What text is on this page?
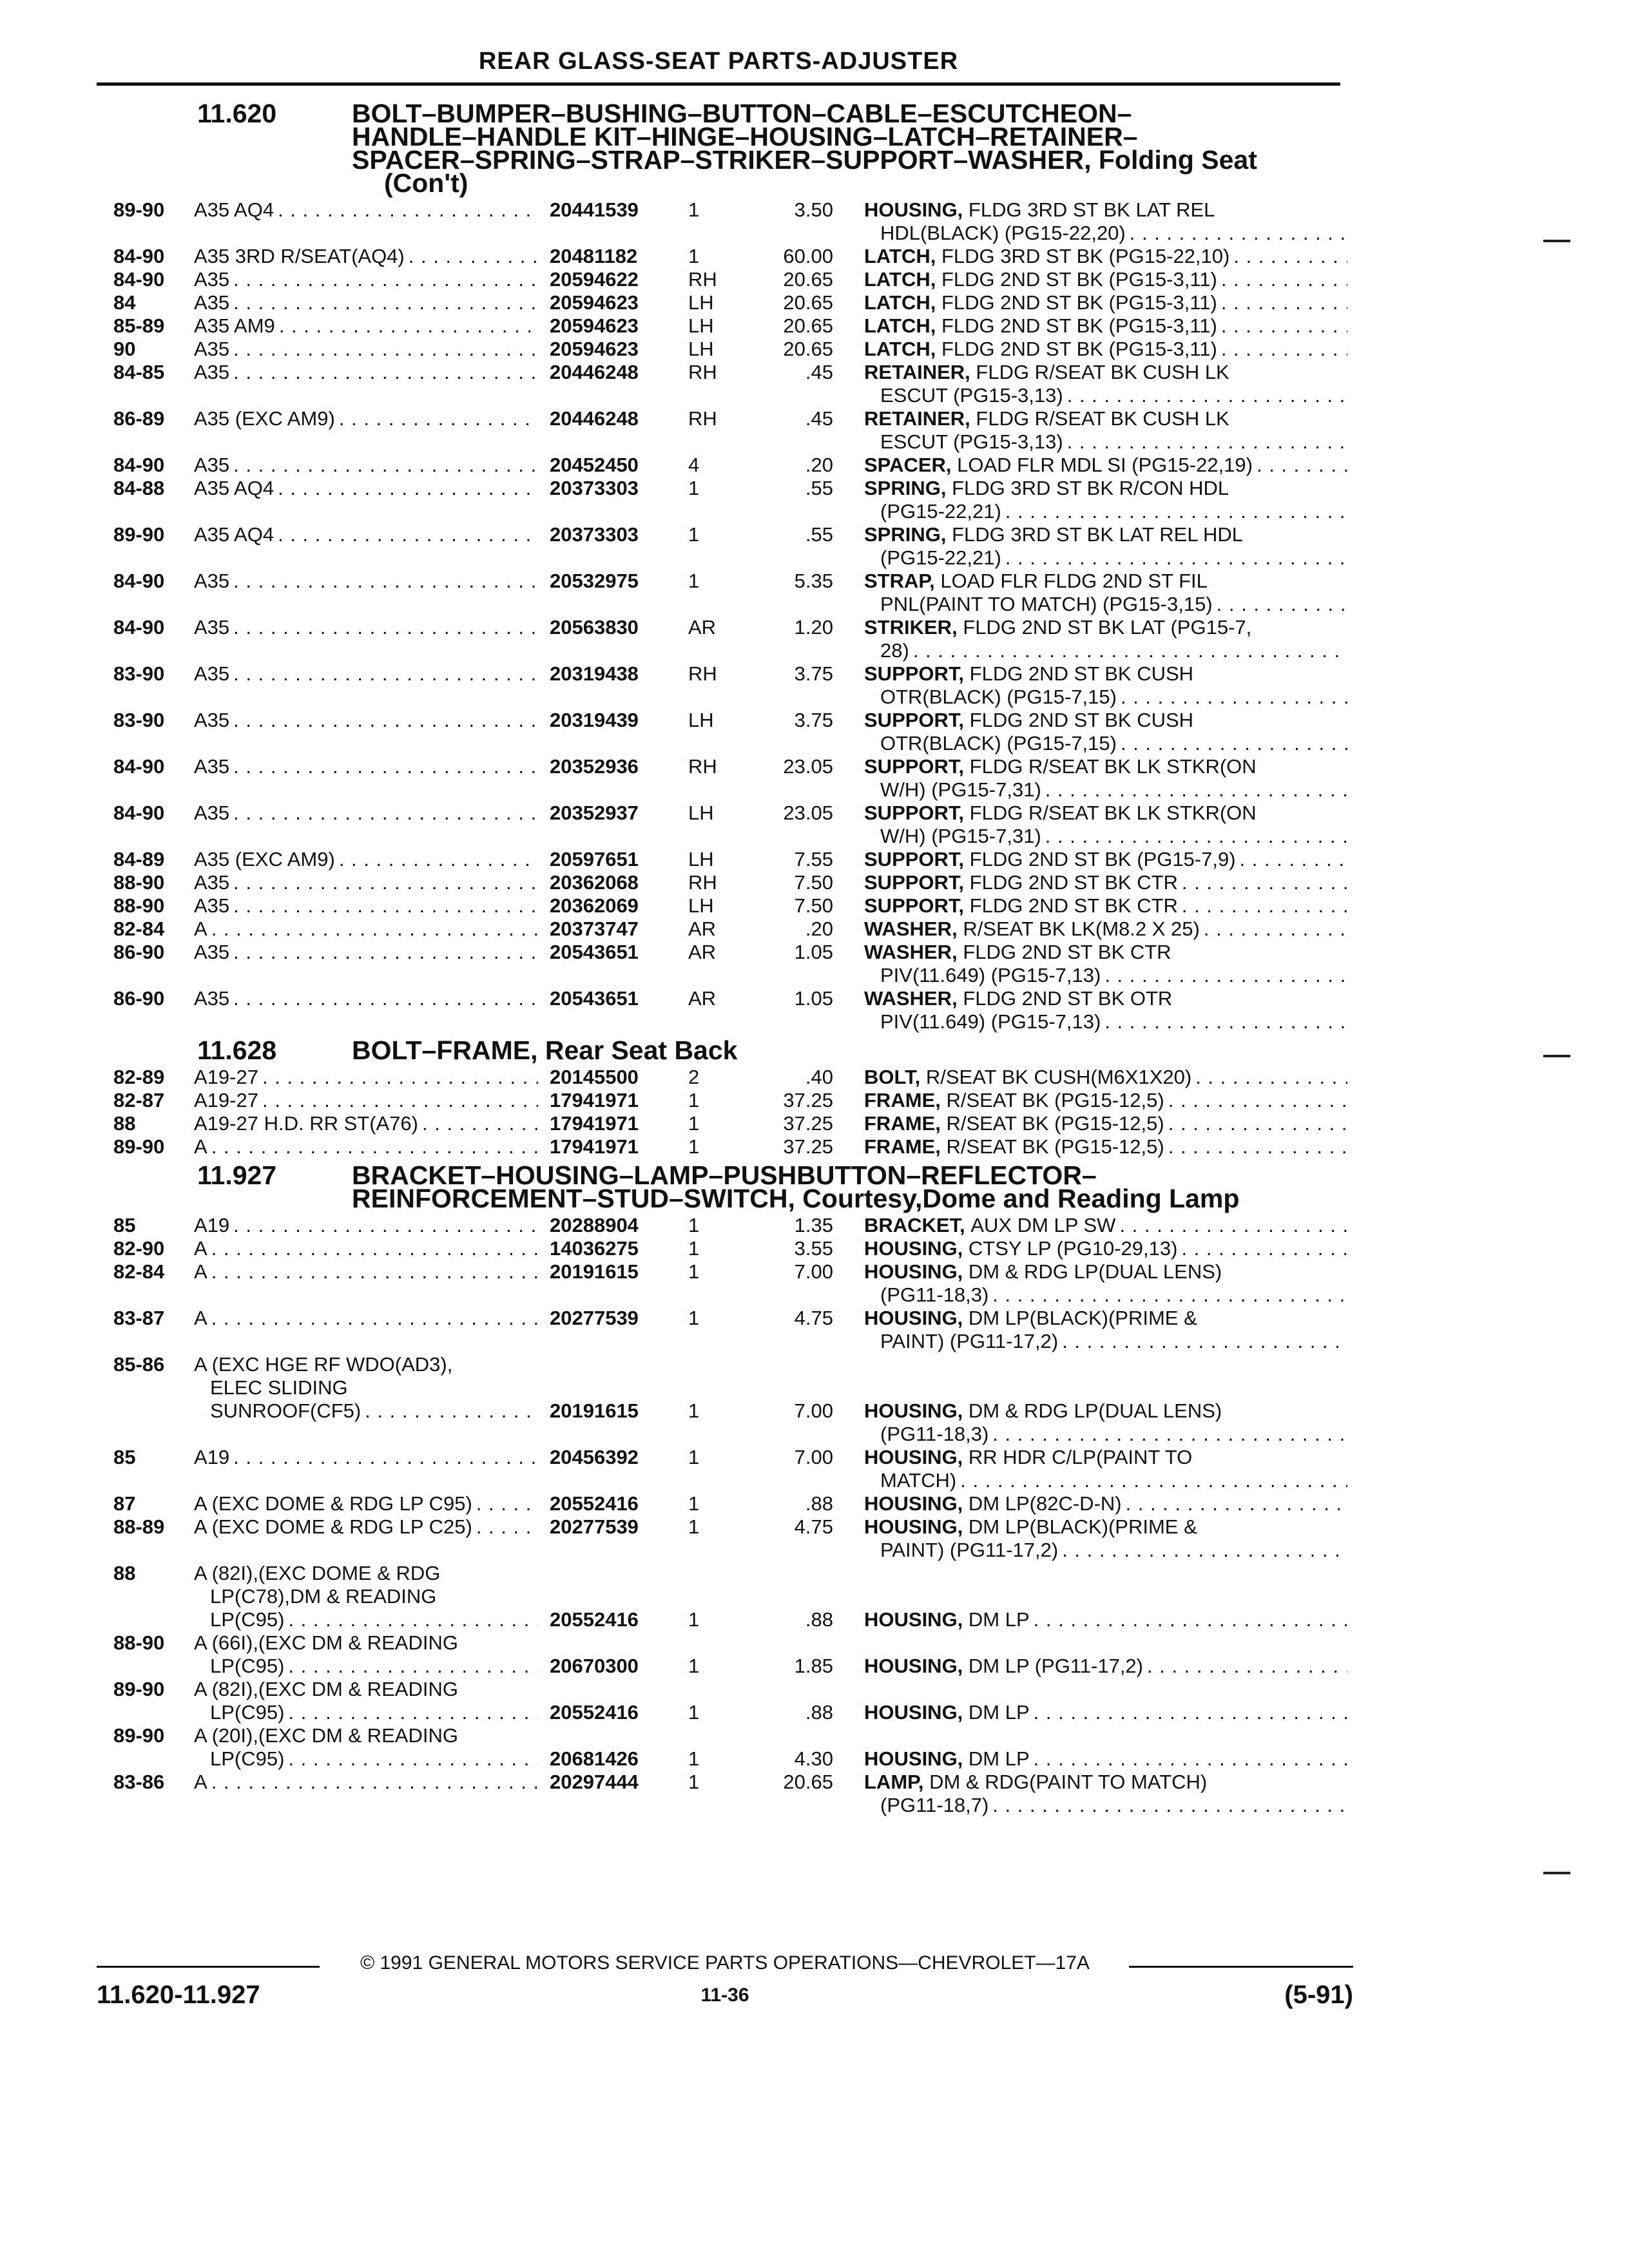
REAR GLASS-SEAT PARTS-ADJUSTER
11.620	BOLT–BUMPER–BUSHING–BUTTON–CABLE–ESCUTCHEON–
HANDLE–HANDLE KIT–HINGE–HOUSING–LATCH–RETAINER–
SPACER–SPRING–STRAP–STRIKER–SUPPORT–WASHER, Folding Seat
(Con't)
89-90	A35 AQ4 . . .	20441539	1	3.50	HOUSING,
FLDG 3RD ST BK LAT REL
HDL(BLACK) (PG15-22,20)
. . .
84-90	A35 3RD R/SEAT(AQ4) . . .	20481182	1	60.00	LATCH,
FLDG 3RD ST BK (PG15-22,10)
. . .
84-90	A35 . . .	20594622	RH	20.65	LATCH,
FLDG 2ND ST BK (PG15-3,11)
. . .
84	A35 . . .	20594623	LH	20.65	LATCH,
FLDG 2ND ST BK (PG15-3,11)
. . .
85-89	A35 AM9 . . .	20594623	LH	20.65	LATCH,
FLDG 2ND ST BK (PG15-3,11)
. . .
90	A35 . . .	20594623	LH	20.65	LATCH,
FLDG 2ND ST BK (PG15-3,11)
. . .
84-85	A35 . . .	20446248	RH	.45	RETAINER,
FLDG R/SEAT BK CUSH LK
ESCUT (PG15-3,13)
. . .
86-89	A35 (EXC AM9) . . .	20446248	RH	.45	RETAINER,
FLDG R/SEAT BK CUSH LK
ESCUT (PG15-3,13)
. . .
84-90	A35 . . .	20452450	4	.20	SPACER,
LOAD FLR MDL SI (PG15-22,19)
. . .
84-88	A35 AQ4 . . .	20373303	1	.55	SPRING,
FLDG 3RD ST BK R/CON HDL
(PG15-22,21)
. . .
89-90	A35 AQ4 . . .	20373303	1	.55	SPRING,
FLDG 3RD ST BK LAT REL HDL
(PG15-22,21)
. . .
84-90	A35 . . .	20532975	1	5.35	STRAP,
LOAD FLR FLDG 2ND ST FIL
PNL(PAINT TO MATCH) (PG15-3,15)
. . .
84-90	A35 . . .	20563830	AR	1.20	STRIKER,
FLDG 2ND ST BK LAT (PG15-7,
28)
. . .
83-90	A35 . . .	20319438	RH	3.75	SUPPORT,
FLDG 2ND ST BK CUSH
OTR(BLACK) (PG15-7,15)
. . .
83-90	A35 . . .	20319439	LH	3.75	SUPPORT,
FLDG 2ND ST BK CUSH
OTR(BLACK) (PG15-7,15)
. . .
84-90	A35 . . .	20352936	RH	23.05	SUPPORT,
FLDG R/SEAT BK LK STKR(ON
W/H) (PG15-7,31)
. . .
84-90	A35 . . .	20352937	LH	23.05	SUPPORT,
FLDG R/SEAT BK LK STKR(ON
W/H) (PG15-7,31)
. . .
84-89	A35 (EXC AM9) . . .	20597651	LH	7.55	SUPPORT,
FLDG 2ND ST BK (PG15-7,9)
. . .
88-90	A35 . . .	20362068	RH	7.50	SUPPORT,
FLDG 2ND ST BK CTR
. . .
88-90	A35 . . .	20362069	LH	7.50	SUPPORT,
FLDG 2ND ST BK CTR
. . .
82-84	A . . .	20373747	AR	.20	WASHER,
R/SEAT BK LK(M8.2 X 25)
. . .
86-90	A35 . . .	20543651	AR	1.05	WASHER,
FLDG 2ND ST BK CTR
PIV(11.649) (PG15-7,13)
. . .
86-90	A35 . . .	20543651	AR	1.05	WASHER,
FLDG 2ND ST BK OTR
PIV(11.649) (PG15-7,13)
. . .
11.628	BOLT–FRAME, Rear Seat Back
82-89	A19-27 . . .	20145500	2	.40	BOLT,
R/SEAT BK CUSH(M6X1X20)
. . .
82-87	A19-27 . . .	17941971	1	37.25	FRAME,
R/SEAT BK (PG15-12,5)
. . .
88	A19-27 H.D. RR ST(A76) . . .	17941971	1	37.25	FRAME,
R/SEAT BK (PG15-12,5)
. . .
89-90	A . . .	17941971	1	37.25	FRAME,
R/SEAT BK (PG15-12,5)
. . .
11.927	BRACKET–HOUSING–LAMP–PUSHBUTTON–REFLECTOR–
REINFORCEMENT–STUD–SWITCH, Courtesy,Dome and Reading Lamp
85	A19 . . .	20288904	1	1.35	BRACKET,
AUX DM LP SW
. . .
82-90	A . . .	14036275	1	3.55	HOUSING,
CTSY LP (PG10-29,13)
. . .
82-84	A . . .	20191615	1	7.00	HOUSING,
DM & RDG LP(DUAL LENS)
(PG11-18,3)
. . .
83-87	A . . .	20277539	1	4.75	HOUSING,
DM LP(BLACK)(PRIME &
PAINT) (PG11-17,2)
. . .
85-86	A (EXC HGE RF WDO(AD3),
ELEC SLIDING
SUNROOF(CF5) . . .	20191615	1	7.00	HOUSING,
DM & RDG LP(DUAL LENS)
(PG11-18,3)
. . .
85	A19 . . .	20456392	1	7.00	HOUSING,
RR HDR C/LP(PAINT TO
MATCH)
. . .
87	A (EXC DOME & RDG LP C95) . . .	20552416	1	.88	HOUSING,
DM LP(82C-D-N)
. . .
88-89	A (EXC DOME & RDG LP C25) . . .	20277539	1	4.75	HOUSING,
DM LP(BLACK)(PRIME &
PAINT) (PG11-17,2)
. . .
88	A (82I),(EXC DOME & RDG
LP(C78),DM & READING
LP(C95) . . .	20552416	1	.88	HOUSING,
DM LP
. . .
88-90	A (66I),(EXC DM & READING
LP(C95) . . .	20670300	1	1.85	HOUSING,
DM LP (PG11-17,2)
. . .
89-90	A (82I),(EXC DM & READING
LP(C95) . . .	20552416	1	.88	HOUSING,
DM LP
. . .
89-90	A (20I),(EXC DM & READING
LP(C95) . . .	20681426	1	4.30	HOUSING,
DM LP
. . .
83-86	A . . .	20297444	1	20.65	LAMP,
DM & RDG(PAINT TO MATCH)
(PG11-18,7)
. . .
© 1991 GENERAL MOTORS SERVICE PARTS OPERATIONS—CHEVROLET—17A
11.620-11.927	11-36	(5-91)
